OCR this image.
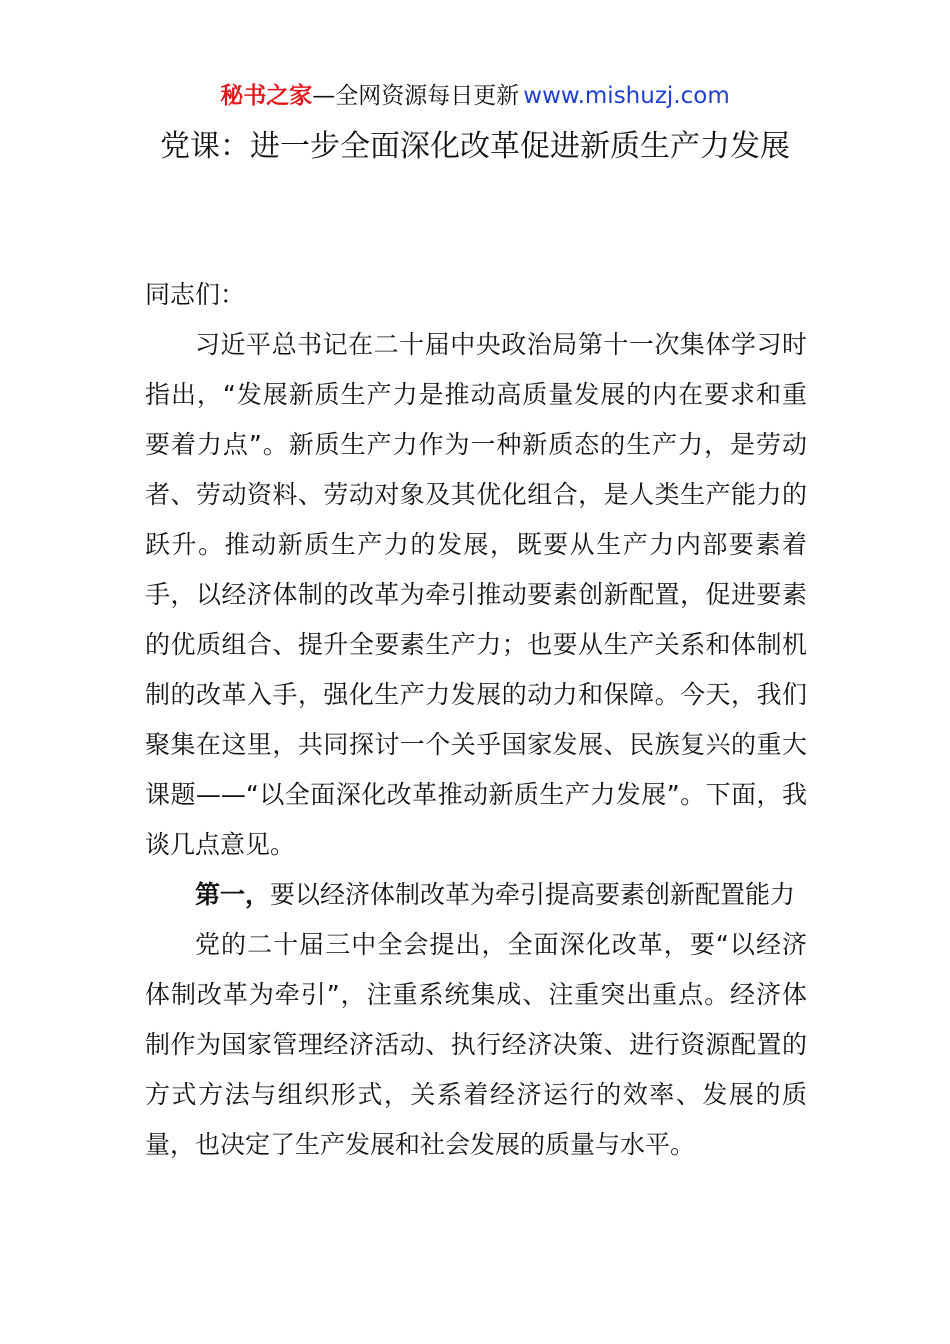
秘书之家—全网资源每日更新 www.mishuzj.com
党课：进一步全面深化改革促进新质生产力发展

同志们：

习近平总书记在二十届中央政治局第十一次集体学习时指出，“发展新质生产力是推动高质量发展的内在要求和重要着力点”。新质生产力作为一种新质态的生产力，是劳动者、劳动资料、劳动对象及其优化组合，是人类生产能力的跃升。推动新质生产力的发展，既要从生产力内部要素着手，以经济体制的改革为牵引推动要素创新配置，促进要素的优质组合、提升全要素生产力；也要从生产关系和体制机制的改革入手，强化生产力发展的动力和保障。今天，我们聚集在这里，共同探讨一个关乎国家发展、民族复兴的重大课题——“以全面深化改革推动新质生产力发展”。下面，我谈几点意见。

第一，要以经济体制改革为牵引提高要素创新配置能力

党的二十届三中全会提出，全面深化改革，要“以经济体制改革为牵引”，注重系统集成、注重突出重点。经济体制作为国家管理经济活动、执行经济决策、进行资源配置的方式方法与组织形式，关系着经济运行的效率、发展的质量，也决定了生产发展和社会发展的质量与水平。
